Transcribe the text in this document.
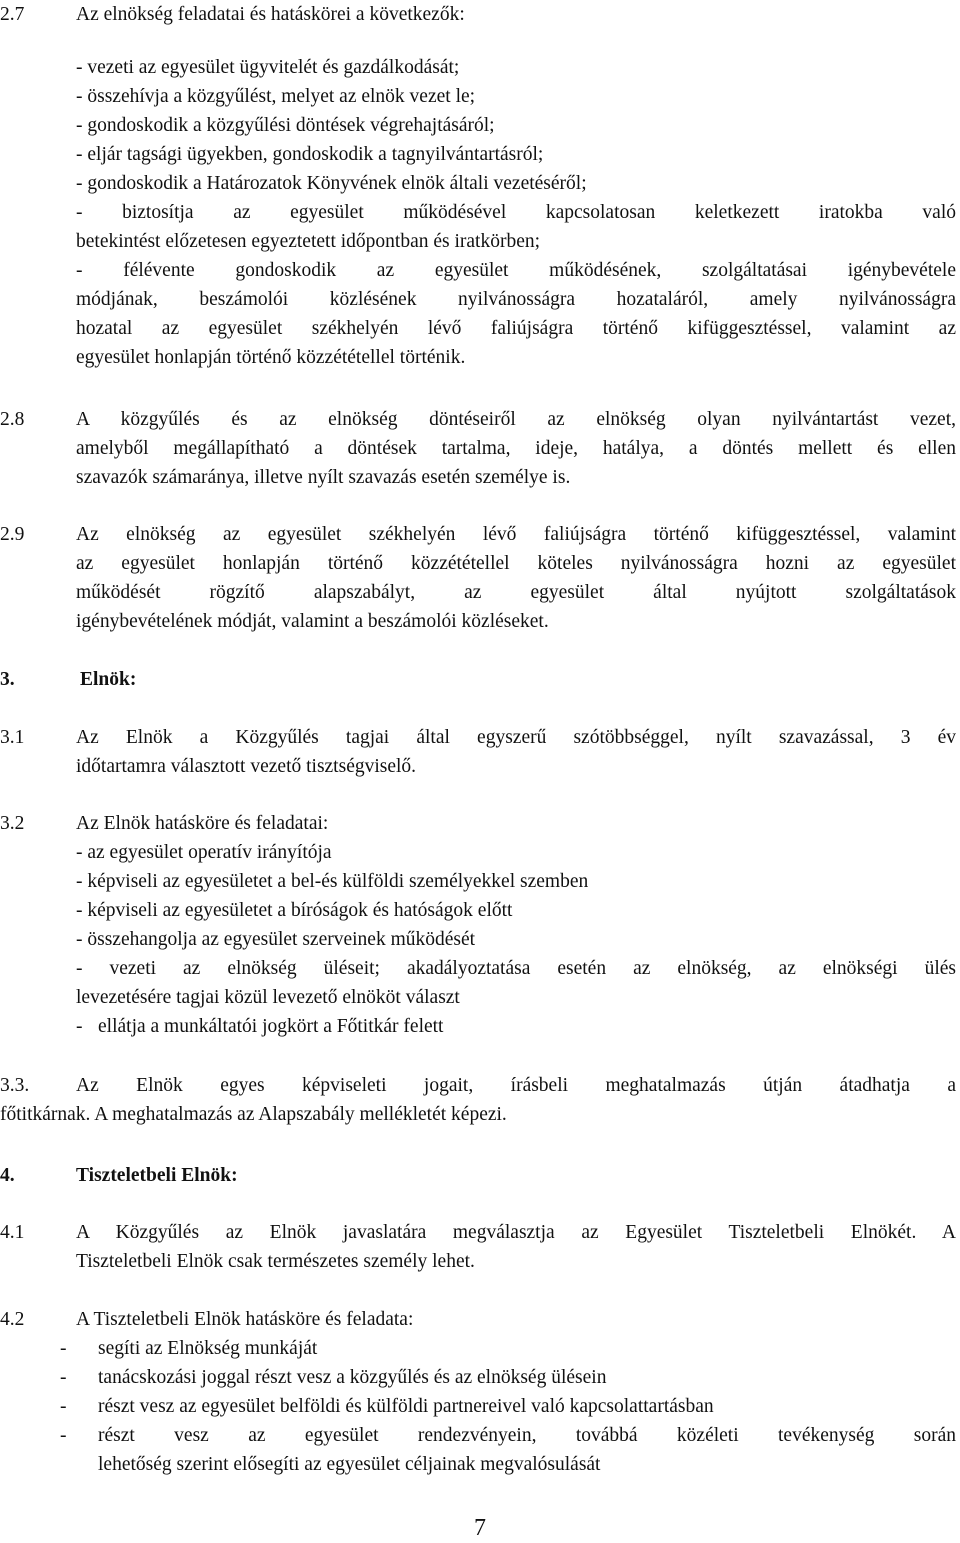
2.7	Az elnökség feladatai és hatáskörei a következők:
- vezeti az egyesület ügyvitelét és gazdálkodását;
- összehívja a közgyűlést, melyet az elnök vezet le;
- gondoskodik a közgyűlési döntések végrehajtásáról;
- eljár tagsági ügyekben, gondoskodik a tagnyilvántartásról;
- gondoskodik a Határozatok Könyvének elnök általi vezetéséről;
- biztosítja az egyesület működésével kapcsolatosan keletkezett iratokba való
betekintést előzetesen egyeztetett időpontban és iratkörben;
- félévente gondoskodik az egyesület működésének, szolgáltatásai igénybevétele
módjának, beszámolói közlésének nyilvánosságra hozataláról, amely nyilvánosságra
hozatal az egyesület székhelyén lévő faliújságra történő kifüggesztéssel, valamint az
egyesület honlapján történő közzététellel történik.
2.8	A közgyűlés és az elnökség döntéseiről az elnökség olyan nyilvántartást vezet,
amelyből megállapítható a döntések tartalma, ideje, hatálya, a döntés mellett és ellen
szavazók számaránya, illetve nyílt szavazás esetén személye is.
2.9	Az elnökség az egyesület székhelyén lévő faliújságra történő kifüggesztéssel, valamint
az egyesület honlapján történő közzététellel köteles nyilvánosságra hozni az egyesület
működését rögzítő alapszabályt, az egyesület által nyújtott szolgáltatások
igénybevételének módját, valamint a beszámolói közléseket.
3.	Elnök:
3.1	Az Elnök a Közgyűlés tagjai által egyszerű szótöbbséggel, nyílt szavazással, 3 év
időtartamra választott vezető tisztségviselő.
3.2	Az Elnök hatásköre és feladatai:
- az egyesület operatív irányítója
- képviseli az egyesületet a bel-és külföldi személyekkel szemben
- képviseli az egyesületet a bíróságok és hatóságok előtt
- összehangolja az egyesület szerveinek működését
- vezeti az elnökség üléseit; akadályoztatása esetén az elnökség, az elnökségi ülés
levezetésére tagjai közül levezető elnököt választ
- ellátja a munkáltatói jogkört a Főtitkár felett
3.3. Az Elnök egyes képviseleti jogait, írásbeli meghatalmazás útján átadhatja a
főtitkárnak. A meghatalmazás az Alapszabály mellékletét képezi.
4.	Tiszteletbeli Elnök:
4.1	A Közgyűlés az Elnök javaslatára megválasztja az Egyesület Tiszteletbeli Elnökét. A
Tiszteletbeli Elnök csak természetes személy lehet.
4.2	A Tiszteletbeli Elnök hatásköre és feladata:
- segíti az Elnökség munkáját
- tanácskozási joggal részt vesz a közgyűlés és az elnökség ülésein
- részt vesz az egyesület belföldi és külföldi partnereivel való kapcsolattartásban
- részt vesz az egyesület rendezvényein, továbbá közéleti tevékenység során
lehetőség szerint elősegíti az egyesület céljainak megvalósulását
7
